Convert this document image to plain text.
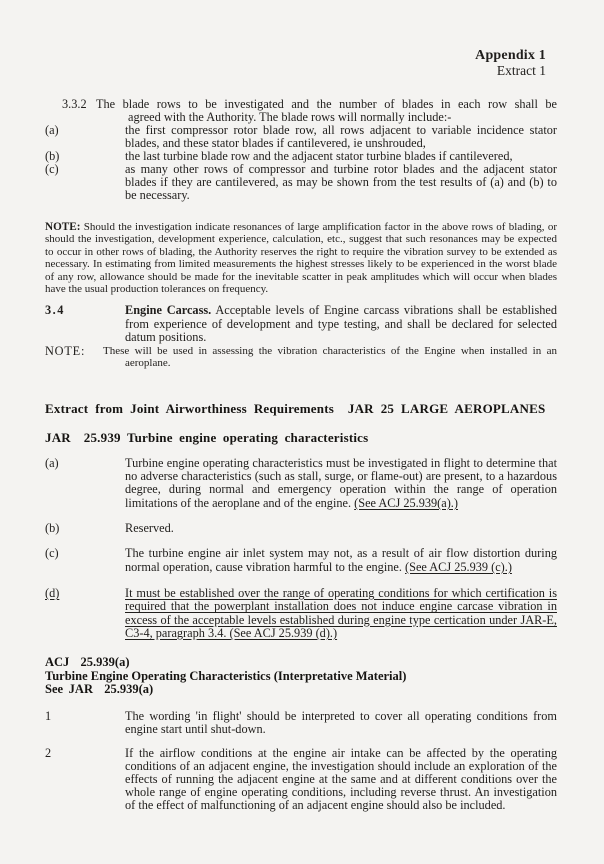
Appendix 1
Extract 1
3.3.2 The blade rows to be investigated and the number of blades in each row shall be
agreed with the Authority. The blade rows will normally include:-
(a)	the first compressor rotor blade row, all rows adjacent to variable incidence stator blades, and these stator blades if cantilevered, ie unshrouded,
(b)	the last turbine blade row and the adjacent stator turbine blades if cantilevered,
(c)	as many other rows of compressor and turbine rotor blades and the adjacent stator blades if they are cantilevered, as may be shown from the test results of (a) and (b) to be necessary.
NOTE: Should the investigation indicate resonances of large amplification factor in the above rows of blading, or should the investigation, development experience, calculation, etc., suggest that such resonances may be expected to occur in other rows of blading, the Authority reserves the right to require the vibration survey to be extended as necessary. In estimating from limited measurements the highest stresses likely to be experienced in the worst blade of any row, allowance should be made for the inevitable scatter in peak amplitudes which will occur when blades have the usual production tolerances on frequency.
3.4	Engine Carcass. Acceptable levels of Engine carcass vibrations shall be established from experience of development and type testing, and shall be declared for selected datum positions.
NOTE:	These will be used in assessing the vibration characteristics of the Engine when installed in an aeroplane.
Extract from Joint Airworthiness Requirements  JAR 25 LARGE AEROPLANES
JAR  25.939 Turbine engine operating characteristics
(a)	Turbine engine operating characteristics must be investigated in flight to determine that no adverse characteristics (such as stall, surge, or flame-out) are present, to a hazardous degree, during normal and emergency operation within the range of operation limitations of the aeroplane and of the engine. (See ACJ 25.939(a).)
(b)	Reserved.
(c)	The turbine engine air inlet system may not, as a result of air flow distortion during normal operation, cause vibration harmful to the engine. (See ACJ 25.939 (c).)
(d)	It must be established over the range of operating conditions for which certification is required that the powerplant installation does not induce engine carcase vibration in excess of the acceptable levels established during engine type certication under JAR-E, C3-4, paragraph 3.4. (See ACJ 25.939 (d).)
ACJ  25.939(a)
Turbine Engine Operating Characteristics (Interpretative Material)
See JAR  25.939(a)
1	The wording 'in flight' should be interpreted to cover all operating conditions from engine start until shut-down.
2	If the airflow conditions at the engine air intake can be affected by the operating conditions of an adjacent engine, the investigation should include an exploration of the effects of running the adjacent engine at the same and at different conditions over the whole range of engine operating conditions, including reverse thrust. An investigation of the effect of malfunctioning of an adjacent engine should also be included.
